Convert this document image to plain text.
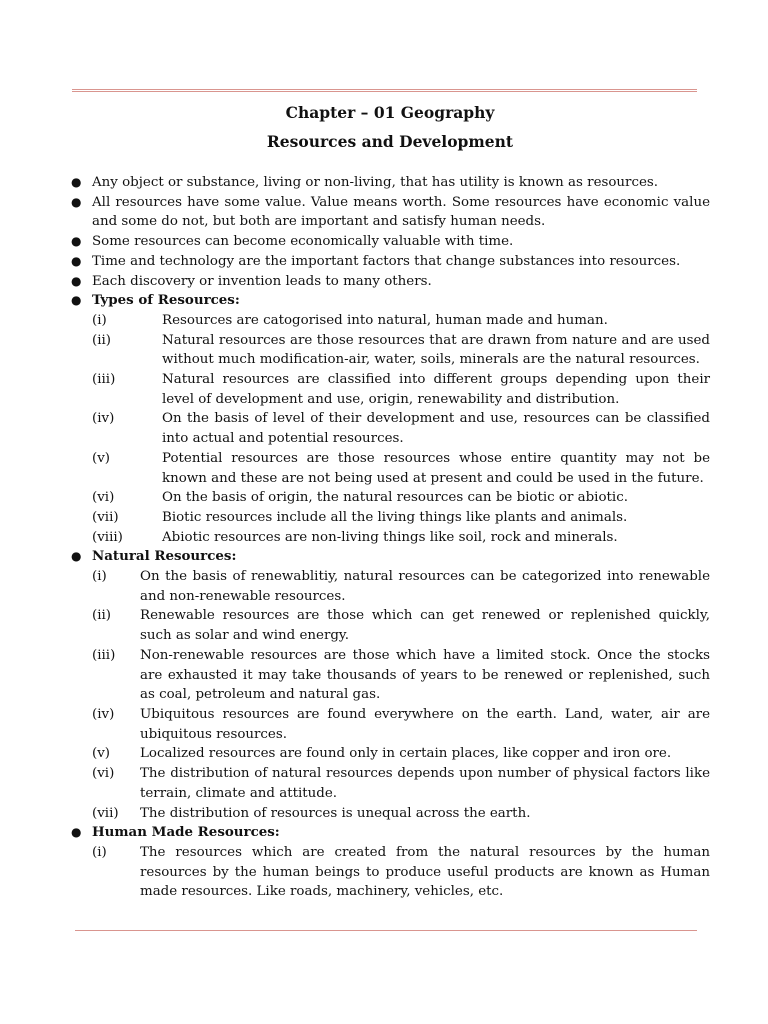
Chapter – 01 Geography
Resources and Development
● Any object or substance, living or non-living, that has utility is known as resources.
● All resources have some value. Value means worth. Some resources have economic value and some do not, but both are important and satisfy human needs.
● Some resources can become economically valuable with time.
● Time and technology are the important factors that change substances into resources.
● Each discovery or invention leads to many others.
● Types of Resources:
(i)	Resources are catogorised into natural, human made and human.
(ii)	Natural resources are those resources that are drawn from nature and are used without much modification-air, water, soils, minerals are the natural resources.
(iii)	Natural resources are classified into different groups depending upon their level of development and use, origin, renewability and distribution.
(iv)	On the basis of level of their development and use, resources can be classified into actual and potential resources.
(v)	Potential resources are those resources whose entire quantity may not be known and these are not being used at present and could be used in the future.
(vi)	On the basis of origin, the natural resources can be biotic or abiotic.
(vii)	Biotic resources include all the living things like plants and animals.
(viii)	Abiotic resources are non-living things like soil, rock and minerals.
● Natural Resources:
(i)	On the basis of renewablitiy, natural resources can be categorized into renewable and non-renewable resources.
(ii)	Renewable resources are those which can get renewed or replenished quickly, such as solar and wind energy.
(iii)	Non-renewable resources are those which have a limited stock. Once the stocks are exhausted it may take thousands of years to be renewed or replenished, such as coal, petroleum and natural gas.
(iv)	Ubiquitous resources are found everywhere on the earth. Land, water, air are ubiquitous resources.
(v)	Localized resources are found only in certain places, like copper and iron ore.
(vi)	The distribution of natural resources depends upon number of physical factors like terrain, climate and attitude.
(vii)	The distribution of resources is unequal across the earth.
● Human Made Resources:
(i)	The resources which are created from the natural resources by the human resources by the human beings to produce useful products are known as Human made resources. Like roads, machinery, vehicles, etc.
